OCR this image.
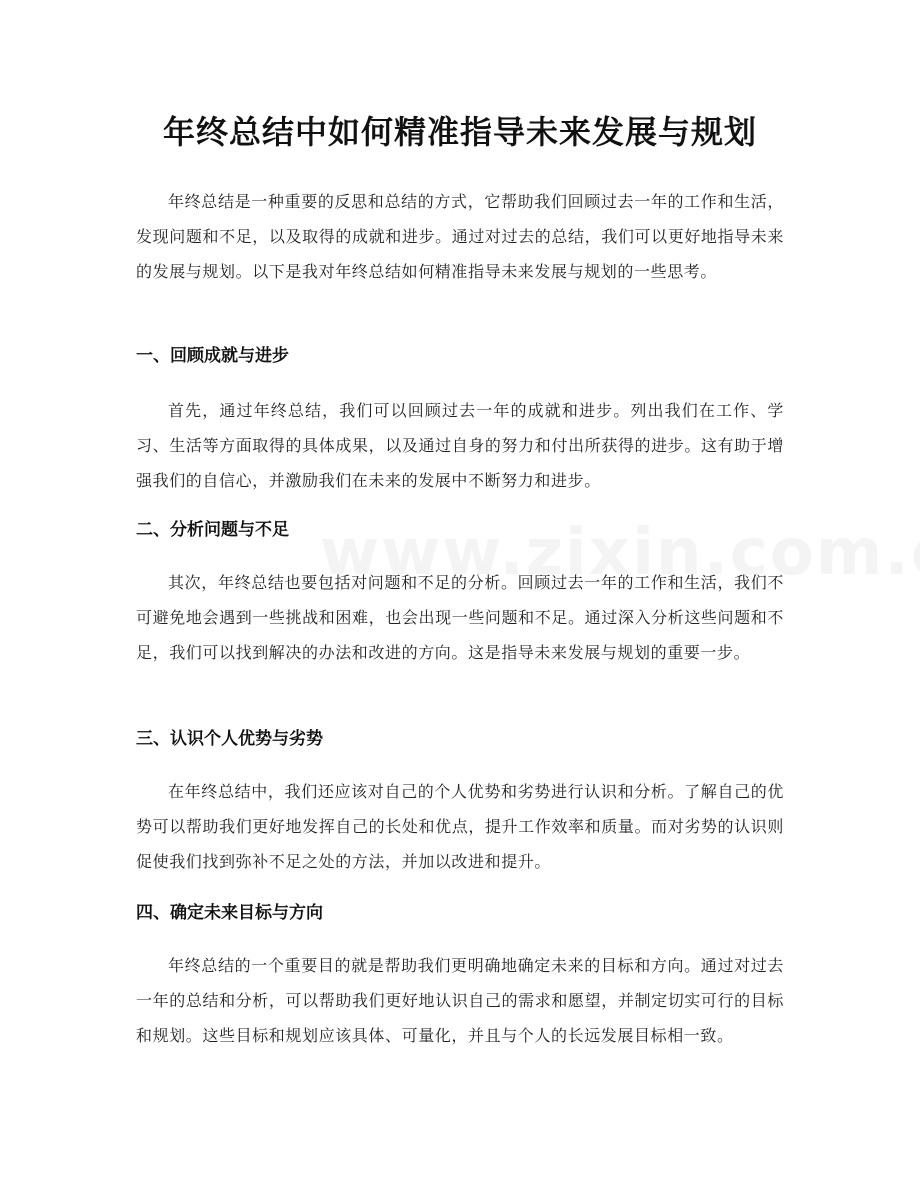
年终总结中如何精准指导未来发展与规划

年终总结是一种重要的反思和总结的方式，它帮助我们回顾过去一年的工作和生活，发现问题和不足，以及取得的成就和进步。通过对过去的总结，我们可以更好地指导未来的发展与规划。以下是我对年终总结如何精准指导未来发展与规划的一些思考。

一、回顾成就与进步

首先，通过年终总结，我们可以回顾过去一年的成就和进步。列出我们在工作、学习、生活等方面取得的具体成果，以及通过自身的努力和付出所获得的进步。这有助于增强我们的自信心，并激励我们在未来的发展中不断努力和进步。

二、分析问题与不足

其次，年终总结也要包括对问题和不足的分析。回顾过去一年的工作和生活，我们不可避免地会遇到一些挑战和困难，也会出现一些问题和不足。通过深入分析这些问题和不足，我们可以找到解决的办法和改进的方向。这是指导未来发展与规划的重要一步。

三、认识个人优势与劣势

在年终总结中，我们还应该对自己的个人优势和劣势进行认识和分析。了解自己的优势可以帮助我们更好地发挥自己的长处和优点，提升工作效率和质量。而对劣势的认识则促使我们找到弥补不足之处的方法，并加以改进和提升。

四、确定未来目标与方向

年终总结的一个重要目的就是帮助我们更明确地确定未来的目标和方向。通过对过去一年的总结和分析，可以帮助我们更好地认识自己的需求和愿望，并制定切实可行的目标和规划。这些目标和规划应该具体、可量化，并且与个人的长远发展目标相一致。
